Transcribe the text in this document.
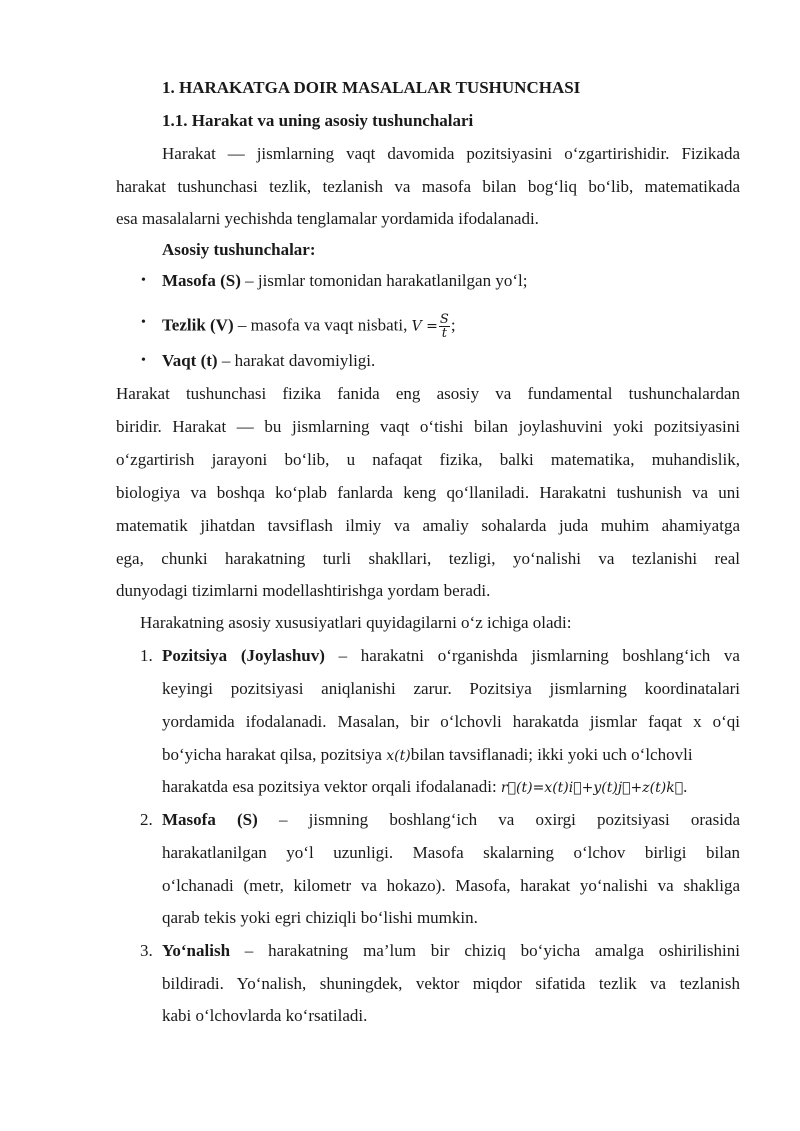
1. HARAKATGA DOIR MASALALAR TUSHUNCHASI
1.1. Harakat va uning asosiy tushunchalari
Harakat — jismlarning vaqt davomida pozitsiyasini o‘zgartirishidir. Fizikada
harakat tushunchasi tezlik, tezlanish va masofa bilan bog‘liq bo‘lib, matematikada
esa masalalarni yechishda tenglamalar yordamida ifodalanadi.
Asosiy tushunchalar:
• Masofa (S) – jismlar tomonidan harakatlanilgan yo‘l;
• Tezlik (V) – masofa va vaqt nisbati, $V = \frac{S}{t}$ ;
• Vaqt (t) – harakat davomiyligi.
Harakat tushunchasi fizika fanida eng asosiy va fundamental tushunchalardan
biridir. Harakat — bu jismlarning vaqt o‘tishi bilan joylashuvini yoki pozitsiyasini
o‘zgartirish jarayoni bo‘lib, u nafaqat fizika, balki matematika, muhandislik,
biologiya va boshqa ko‘plab fanlarda keng qo‘llaniladi. Harakatni tushunish va uni
matematik jihatdan tavsiflash ilmiy va amaliy sohalarda juda muhim ahamiyatga
ega, chunki harakatning turli shakllari, tezligi, yo‘nalishi va tezlanishi real
dunyodagi tizimlarni modellashtirishga yordam beradi.
Harakatning asosiy xususiyatlari quyidagilarni o‘z ichiga oladi:
1. Pozitsiya (Joylashuv) – harakatni o‘rganishda jismlarning boshlang‘ich va
keyingi pozitsiyasi aniqlanishi zarur. Pozitsiya jismlarning koordinatalari
yordamida ifodalanadi. Masalan, bir o‘lchovli harakatda jismlar faqat x o‘qi
bo‘yicha harakat qilsa, pozitsiya x(t)bilan tavsiflanadi; ikki yoki uch o‘lchovli
harakatda esa pozitsiya vektor orqali ifodalanadi: r⃗(t)=x(t)i⃗+y(t)j⃗+z(t)k⃗.
2. Masofa (S) – jismning boshlang‘ich va oxirgi pozitsiyasi orasida
harakatlanilgan yo‘l uzunligi. Masofa skalarning o‘lchov birligi bilan
o‘lchanadi (metr, kilometr va hokazo). Masofa, harakat yo‘nalishi va shakliga
qarab tekis yoki egri chiziqli bo‘lishi mumkin.
3. Yo‘nalish – harakatning ma’lum bir chiziq bo‘yicha amalga oshirilishini
bildiradi. Yo‘nalish, shuningdek, vektor miqdor sifatida tezlik va tezlanish
kabi o‘lchovlarda ko‘rsatiladi.
